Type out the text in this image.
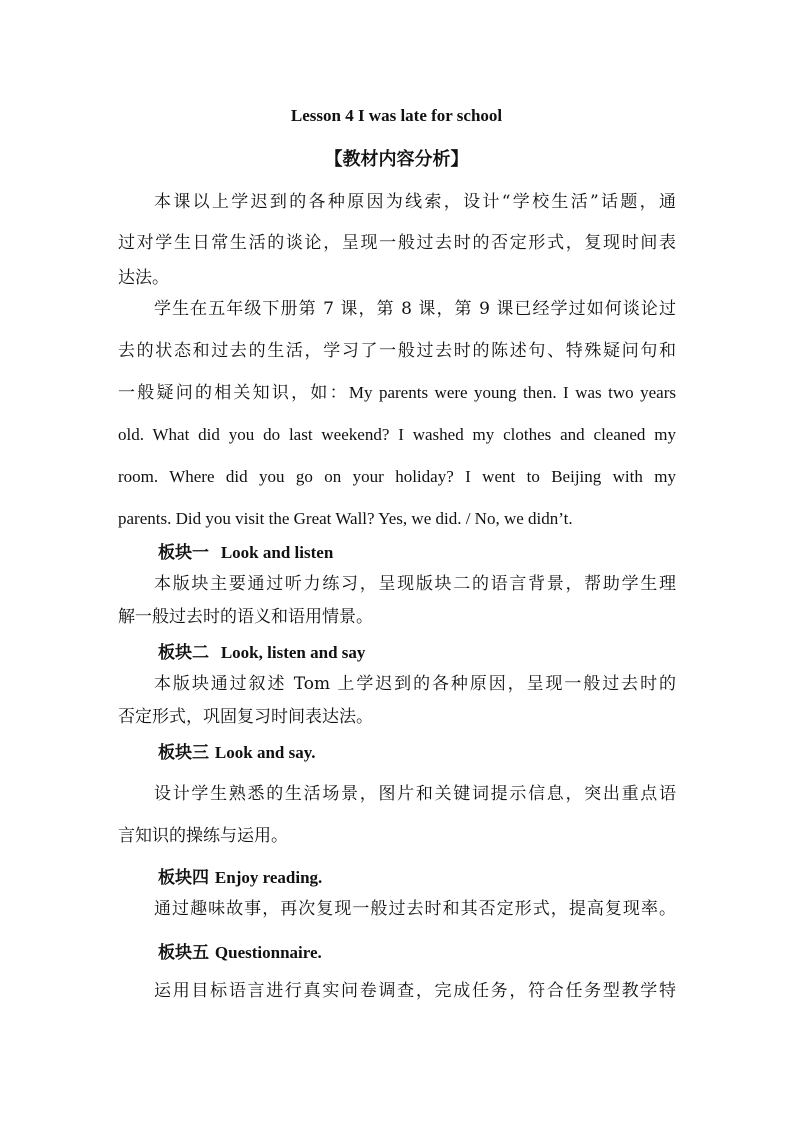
Lesson 4 I was late for school
【教材内容分析】
本课以上学迟到的各种原因为线索，设计“学校生活”话题，通
过对学生日常生活的谈论，呈现一般过去时的否定形式，复现时间表
达法。
学生在五年级下册第 7 课，第 8 课，第 9 课已经学过如何谈论过
去的状态和过去的生活，学习了一般过去时的陈述句、特殊疑问句和
一般疑问的相关知识，如：My parents were young then. I was two years
old. What did you do last weekend? I washed my clothes and cleaned my
room. Where did you go on your holiday? I went to Beijing with my
parents. Did you visit the Great Wall? Yes, we did. / No, we didn’t.
板块一 Look and listen
本版块主要通过听力练习，呈现版块二的语言背景，帮助学生理
解一般过去时的语义和语用情景。
板块二 Look, listen and say
本版块通过叙述 Tom 上学迟到的各种原因，呈现一般过去时的
否定形式，巩固复习时间表达法。
板块三 Look and say.
设计学生熟悉的生活场景，图片和关键词提示信息，突出重点语
言知识的操练与运用。
板块四 Enjoy reading.
通过趣味故事，再次复现一般过去时和其否定形式，提高复现率。
板块五 Questionnaire.
运用目标语言进行真实问卷调查，完成任务，符合任务型教学特
